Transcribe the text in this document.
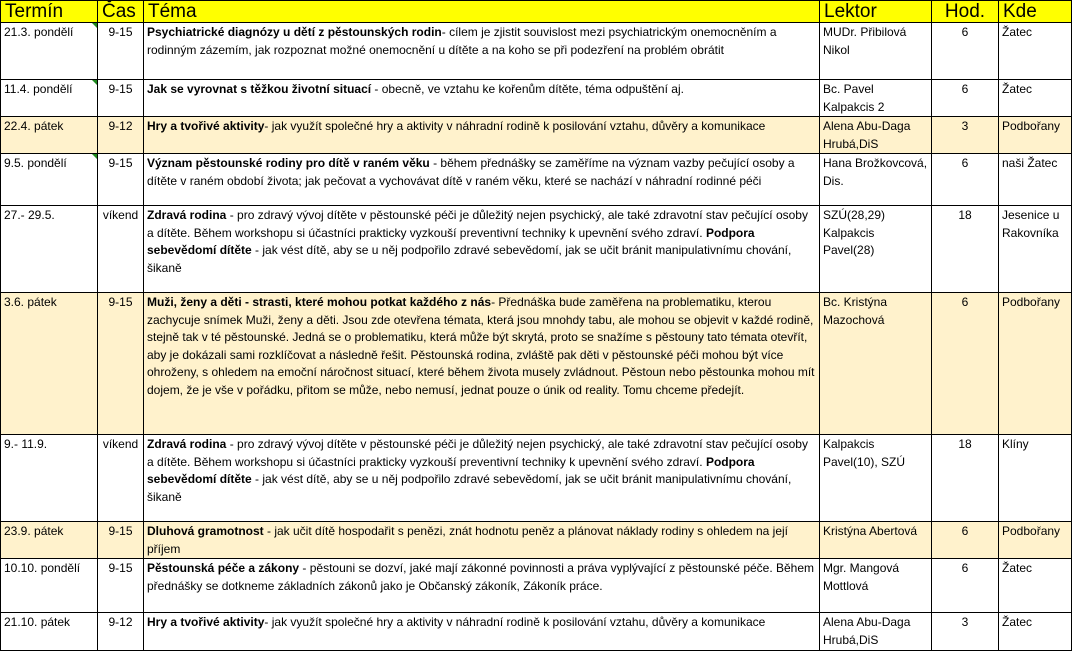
Termín	Čas	Téma	Lektor	Hod.	Kde

21.3. pondělí	9-15	Psychiatrické diagnózy u dětí z pěstounských rodin- cílem je zjistit souvislost mezi psychiatrickým onemocněním a rodinným zázemím, jak rozpoznat možné onemocnění u dítěte a na koho se při podezření na problém obrátit	MUDr. Přibilová Nikol	6	Žatec

11.4. pondělí	9-15	Jak se vyrovnat s těžkou životní situací - obecně, ve vztahu ke kořenům dítěte, téma odpuštění aj.	Bc. Pavel Kalpakcis 2	6	Žatec
22.4. pátek	9-12	Hry a tvořivé aktivity- jak využít společné hry a aktivity v náhradní rodině k posilování vztahu, důvěry a komunikace	Alena Abu-Daga Hrubá,DiS	3	Podbořany

9.5. pondělí	9-15	Význam pěstounské rodiny pro dítě v raném věku - během přednášky se zaměříme na význam vazby pečující osoby a dítěte v raném období života; jak pečovat a vychovávat dítě v raném věku, které se nachází v náhradní rodinné péči	Hana Brožkovcová, Dis.	6	naši Žatec
27.- 29.5.	víkend	Zdravá rodina - pro zdravý vývoj dítěte v pěstounské péči je důležitý nejen psychický, ale také zdravotní stav pečující osoby a dítěte. Během workshopu si účastníci prakticky vyzkouší preventivní techniky k upevnění svého zdraví. Podpora sebevědomí dítěte - jak vést dítě, aby se u něj podpořilo zdravé sebevědomí, jak se učit bránit manipulativnímu chování, šikaně	SZÚ(28,29) Kalpakcis Pavel(28)	18	Jesenice u Rakovníka
3.6. pátek	9-15	Muži, ženy a děti - strasti, které mohou potkat každého z nás- Přednáška bude zaměřena na problematiku, kterou zachycuje snímek Muži, ženy a děti. Jsou zde otevřena témata, která jsou mnohdy tabu, ale mohou se objevit v každé rodině, stejně tak v té pěstounské. Jedná se o problematiku, která může být skrytá, proto se snažíme s pěstouny tato témata otevřít, aby je dokázali sami rozklíčovat a následně řešit. Pěstounská rodina, zvláště pak děti v pěstounské péči mohou být více ohroženy, s ohledem na emoční náročnost situací, které během života musely zvládnout. Pěstoun nebo pěstounka mohou mít dojem, že je vše v pořádku, přitom se může, nebo nemusí, jednat pouze o únik od reality. Tomu chceme předejít.	Bc. Kristýna Mazochová	6	Podbořany
9.- 11.9.	víkend	Zdravá rodina - pro zdravý vývoj dítěte v pěstounské péči je důležitý nejen psychický, ale také zdravotní stav pečující osoby a dítěte. Během workshopu si účastníci prakticky vyzkouší preventivní techniky k upevnění svého zdraví. Podpora sebevědomí dítěte - jak vést dítě, aby se u něj podpořilo zdravé sebevědomí, jak se učit bránit manipulativnímu chování, šikaně	Kalpakcis Pavel(10), SZÚ	18	Klíny
23.9. pátek	9-15	Dluhová gramotnost - jak učit dítě hospodařit s penězi, znát hodnotu peněz a plánovat náklady rodiny s ohledem na její příjem	Kristýna Abertová	6	Podbořany
10.10. pondělí	9-15	Pěstounská péče a zákony - pěstouni se dozví, jaké mají zákonné povinnosti a práva vyplývající z pěstounské péče. Během přednášky se dotkneme základních zákonů jako je Občanský zákoník, Zákoník práce.	Mgr. Mangová Mottlová	6	Žatec
21.10. pátek	9-12	Hry a tvořivé aktivity- jak využít společné hry a aktivity v náhradní rodině k posilování vztahu, důvěry a komunikace	Alena Abu-Daga Hrubá,DiS	3	Žatec
